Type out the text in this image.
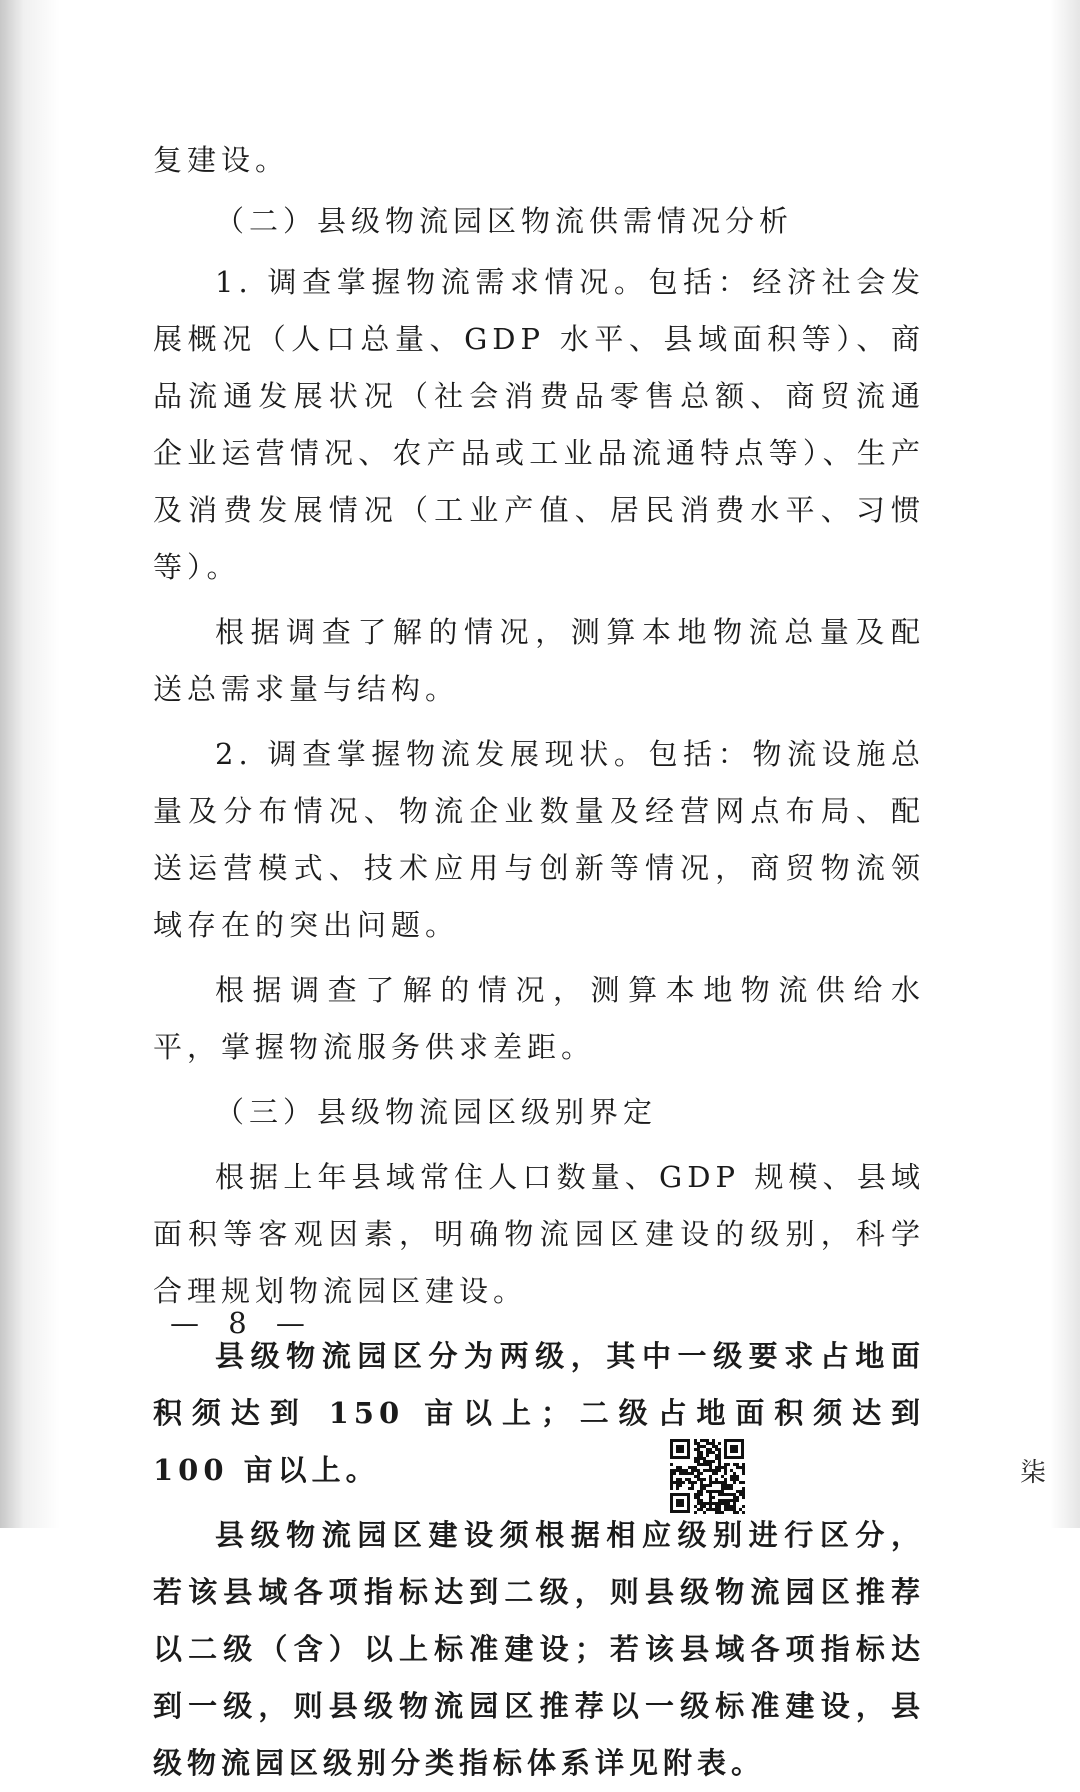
复建设。

（二）县级物流园区物流供需情况分析

1. 调查掌握物流需求情况。包括：经济社会发展概况（人口总量、GDP 水平、县域面积等）、商品流通发展状况（社会消费品零售总额、商贸流通企业运营情况、农产品或工业品流通特点等）、生产及消费发展情况（工业产值、居民消费水平、习惯等）。

根据调查了解的情况，测算本地物流总量及配送总需求量与结构。

2. 调查掌握物流发展现状。包括：物流设施总量及分布情况、物流企业数量及经营网点布局、配送运营模式、技术应用与创新等情况，商贸物流领域存在的突出问题。

根据调查了解的情况，测算本地物流供给水平，掌握物流服务供求差距。

（三）县级物流园区级别界定

根据上年县域常住人口数量、GDP 规模、县域面积等客观因素，明确物流园区建设的级别，科学合理规划物流园区建设。

县级物流园区分为两级，其中一级要求占地面积须达到 150 亩以上；二级占地面积须达到 100 亩以上。

县级物流园区建设须根据相应级别进行区分，若该县域各项指标达到二级，则县级物流园区推荐以二级（含）以上标准建设；若该县域各项指标达到一级，则县级物流园区推荐以一级标准建设，县级物流园区级别分类指标体系详见附表。

— 8 —
柒
